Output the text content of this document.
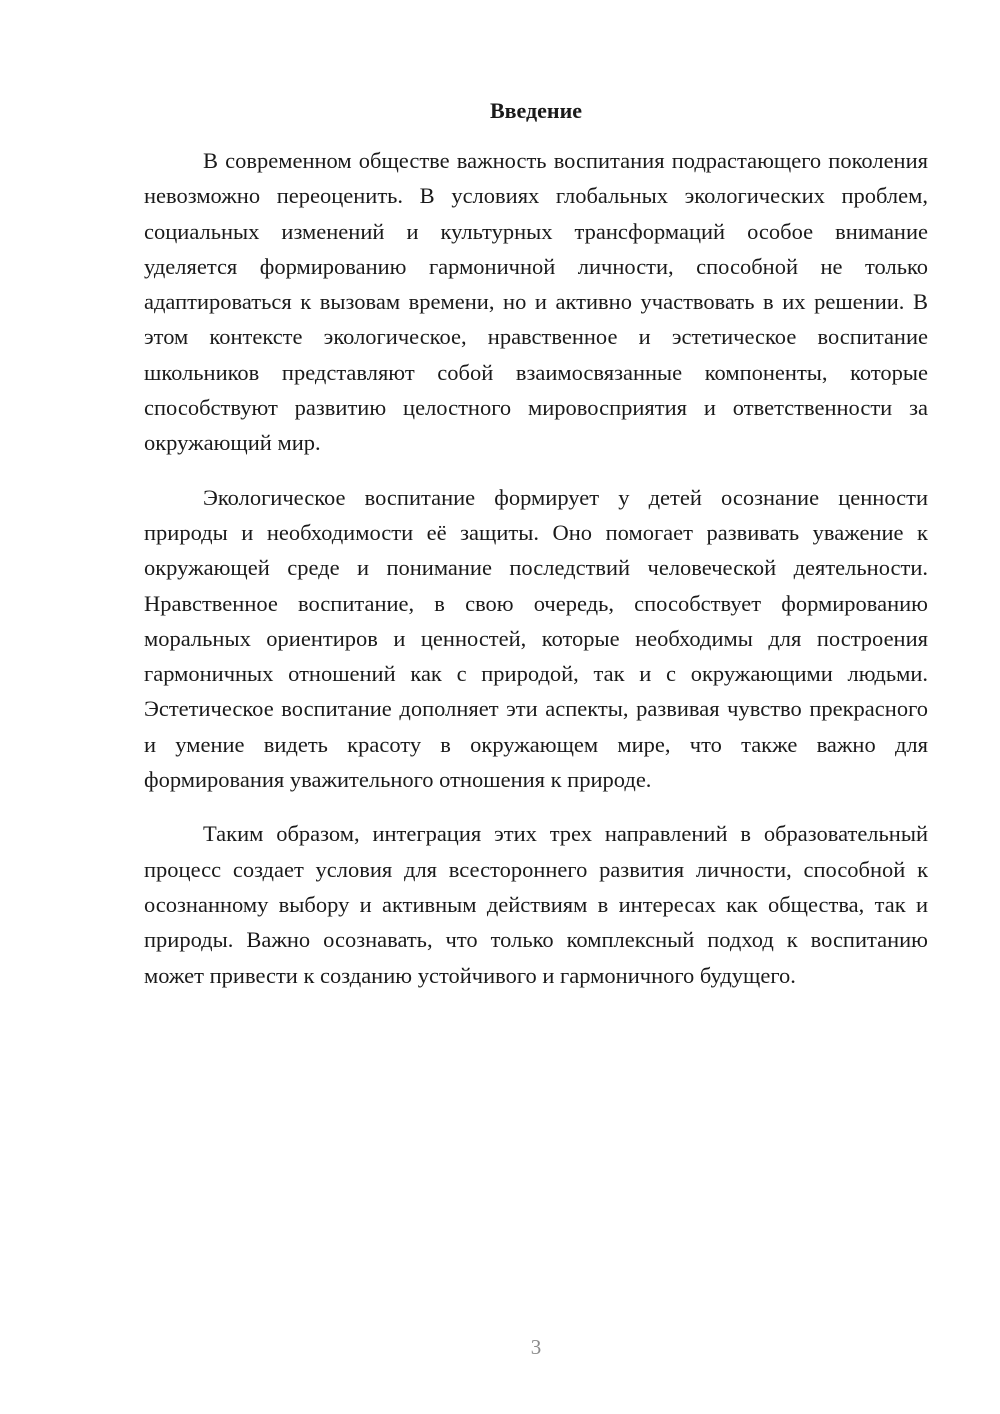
Введение

В современном обществе важность воспитания подрастающего поколения невозможно переоценить. В условиях глобальных экологических проблем, социальных изменений и культурных трансформаций особое внимание уделяется формированию гармоничной личности, способной не только адаптироваться к вызовам времени, но и активно участвовать в их решении. В этом контексте экологическое, нравственное и эстетическое воспитание школьников представляют собой взаимосвязанные компоненты, которые способствуют развитию целостного мировосприятия и ответственности за окружающий мир.

Экологическое воспитание формирует у детей осознание ценности природы и необходимости её защиты. Оно помогает развивать уважение к окружающей среде и понимание последствий человеческой деятельности. Нравственное воспитание, в свою очередь, способствует формированию моральных ориентиров и ценностей, которые необходимы для построения гармоничных отношений как с природой, так и с окружающими людьми. Эстетическое воспитание дополняет эти аспекты, развивая чувство прекрасного и умение видеть красоту в окружающем мире, что также важно для формирования уважительного отношения к природе.

Таким образом, интеграция этих трех направлений в образовательный процесс создает условия для всестороннего развития личности, способной к осознанному выбору и активным действиям в интересах как общества, так и природы. Важно осознавать, что только комплексный подход к воспитанию может привести к созданию устойчивого и гармоничного будущего.

3
